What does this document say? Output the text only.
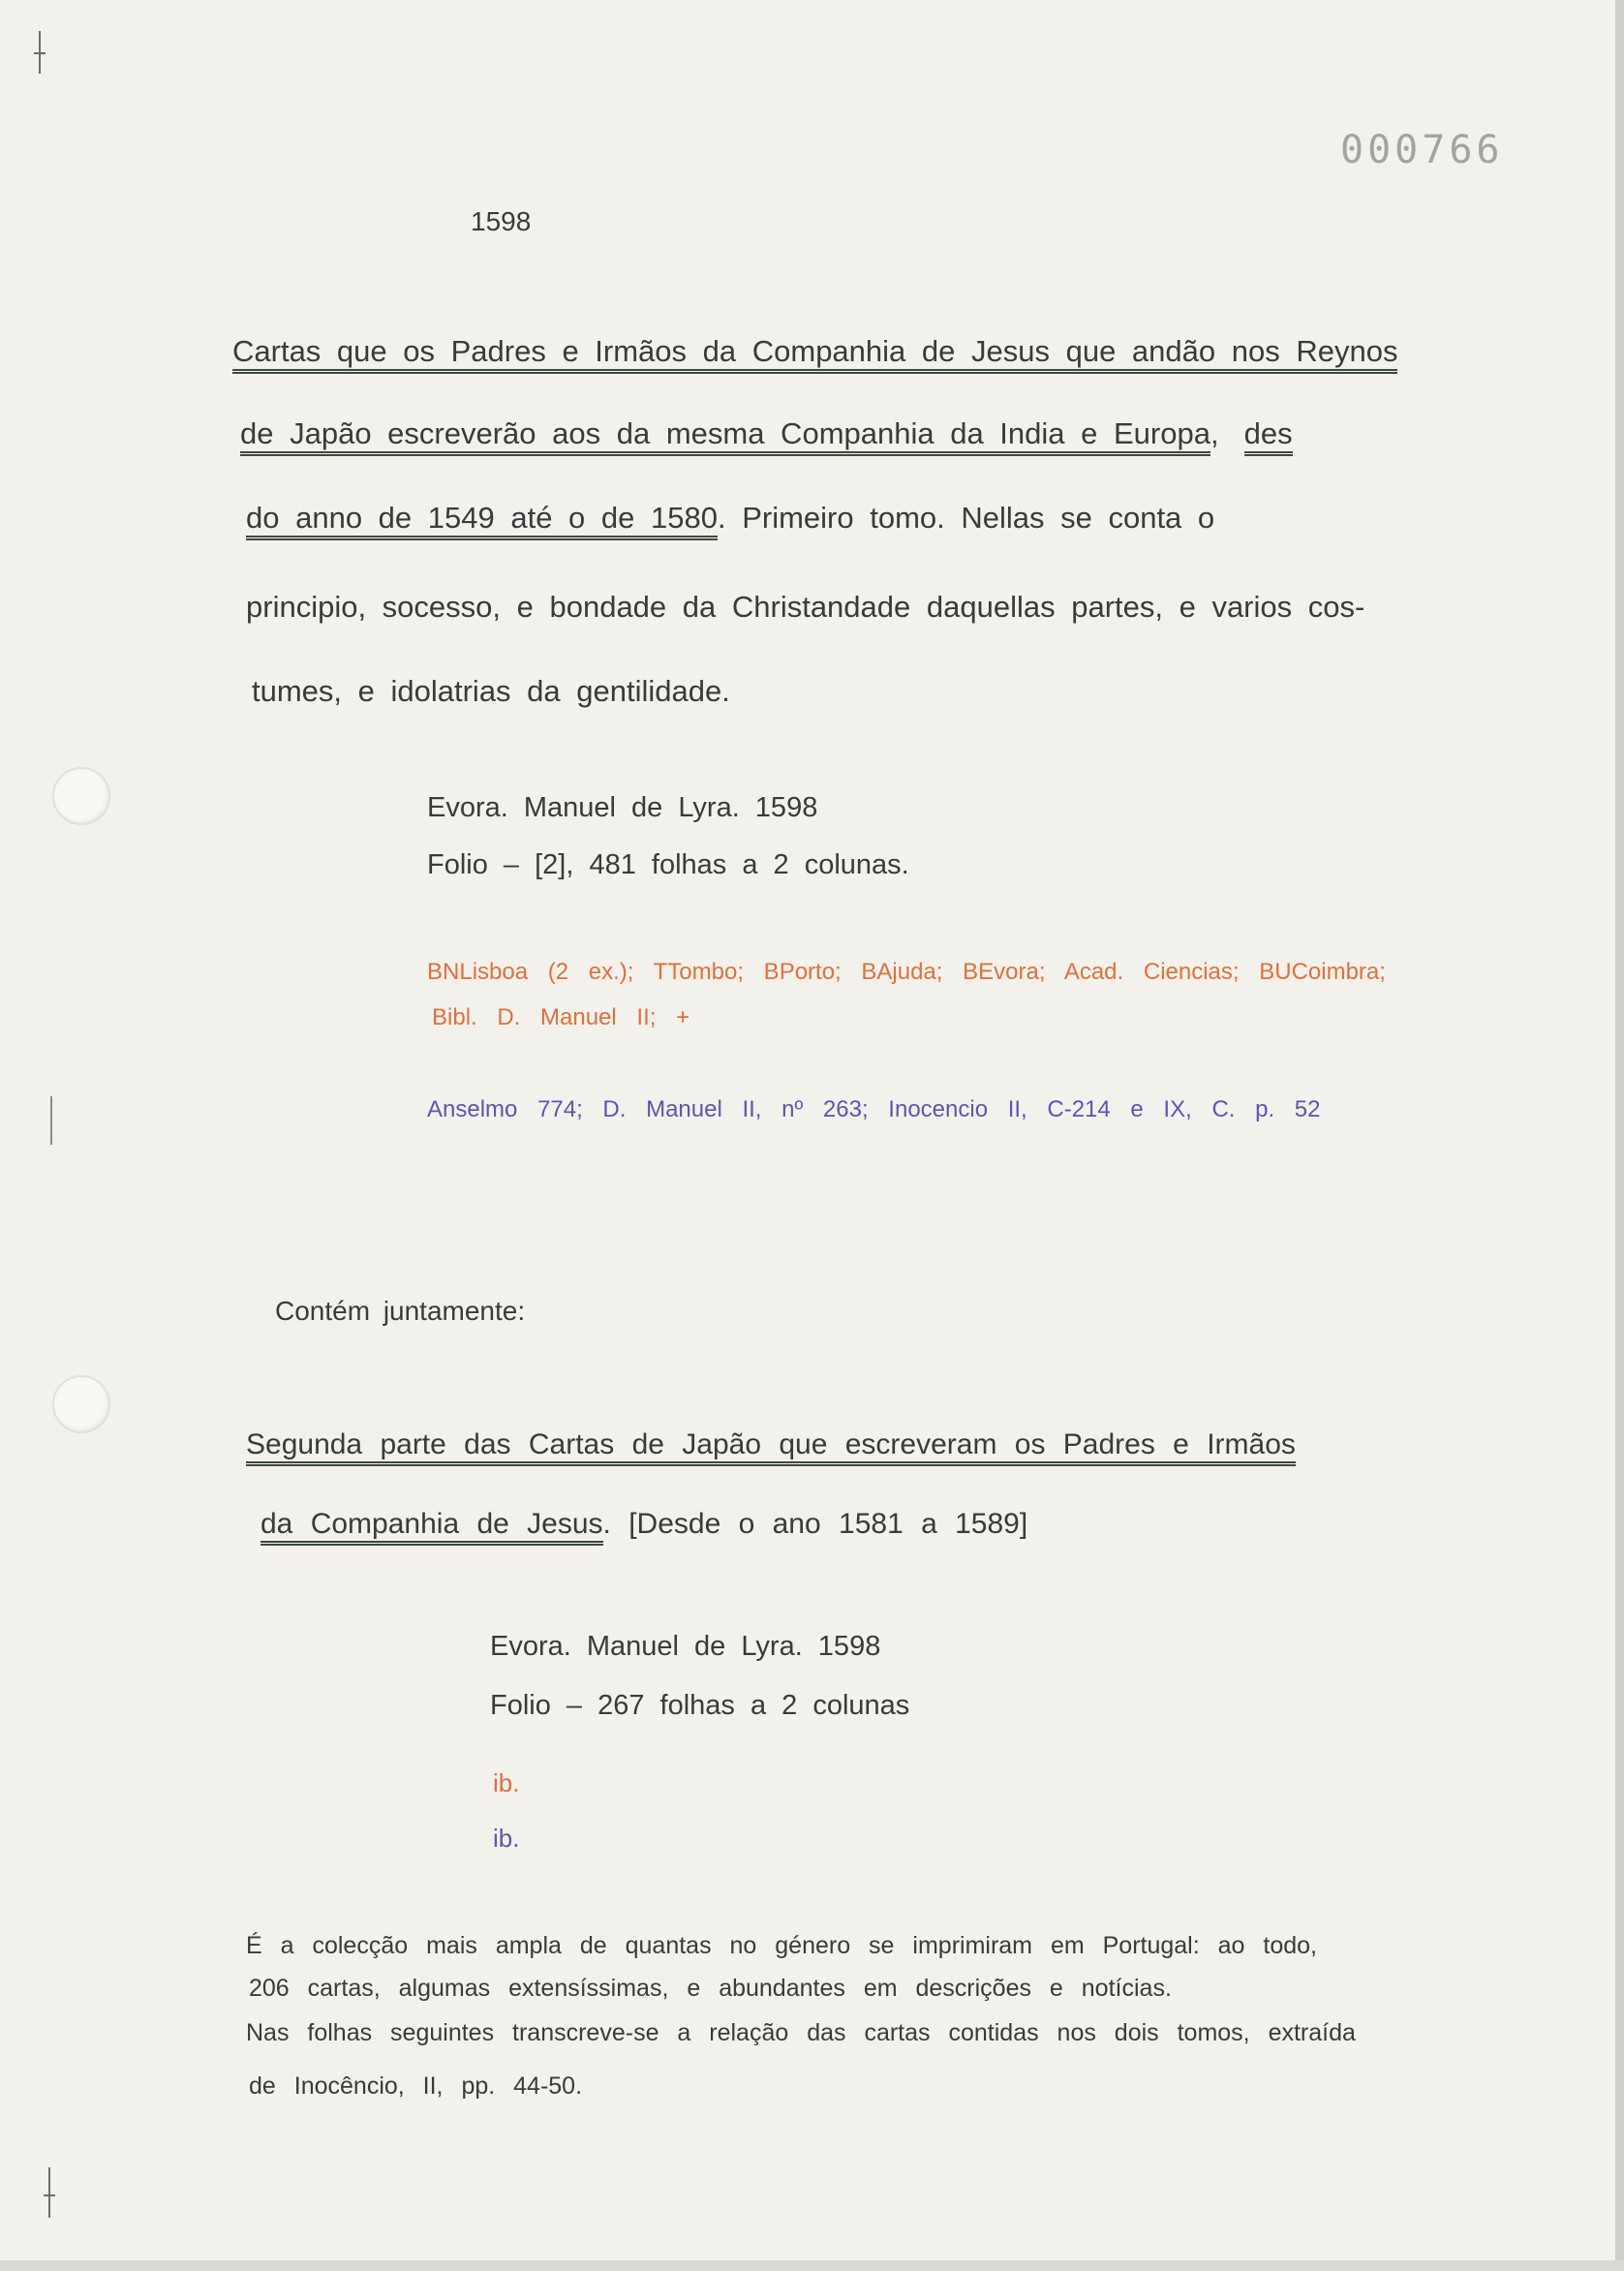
000766
1598
Cartas que os Padres e Irmãos da Companhia de Jesus que andão nos Reynos
de Japão escreverão aos da mesma Companhia da India e Europa, des
do anno de 1549 até o de 1580. Primeiro tomo. Nellas se conta o
principio, socesso, e bondade da Christandade daquellas partes, e varios cos-
tumes, e idolatrias da gentilidade.
Evora. Manuel de Lyra. 1598
Folio – [2], 481 folhas a 2 colunas.
BNLisboa (2 ex.); TTombo; BPorto; BAjuda; BEvora; Acad. Ciencias; BUCoimbra;
Bibl. D. Manuel II; +
Anselmo 774; D. Manuel II, nº 263; Inocencio II, C-214 e IX, C. p. 52
Contém juntamente:
Segunda parte das Cartas de Japão que escreveram os Padres e Irmãos
da Companhia de Jesus. [Desde o ano 1581 a 1589]
Evora. Manuel de Lyra. 1598
Folio – 267 folhas a 2 colunas
ib.
ib.
É a colecção mais ampla de quantas no género se imprimiram em Portugal: ao todo,
206 cartas, algumas extensíssimas, e abundantes em descrições e notícias.
Nas folhas seguintes transcreve-se a relação das cartas contidas nos dois tomos, extraída
de Inocêncio, II, pp. 44-50.
